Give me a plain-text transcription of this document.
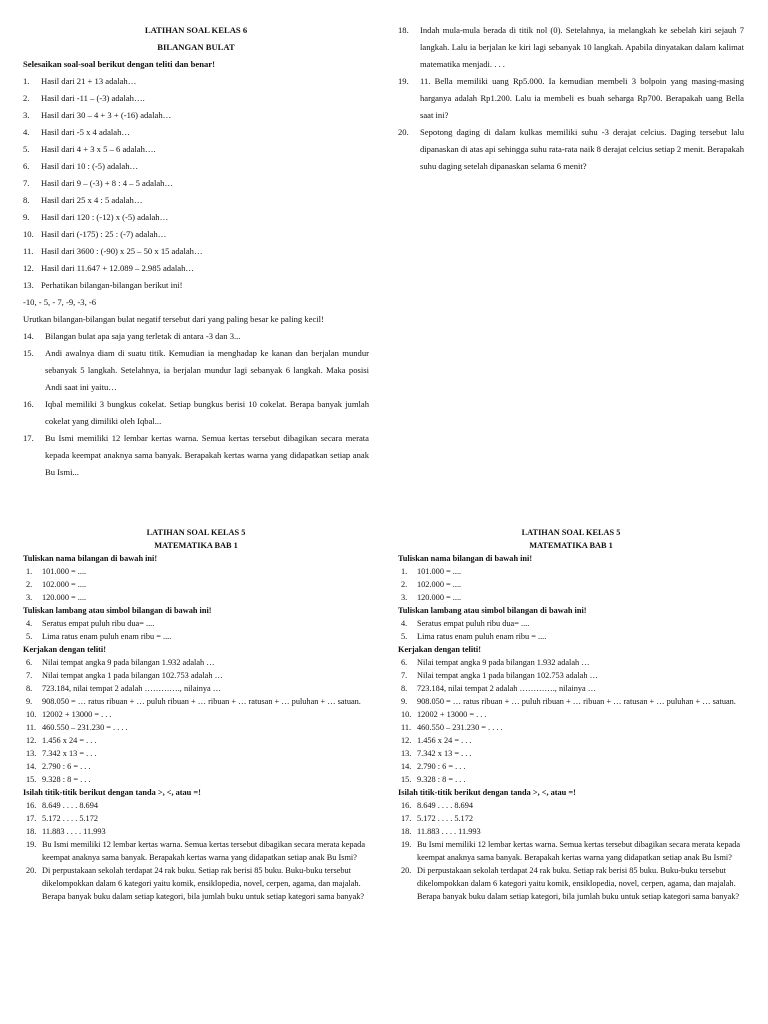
LATIHAN SOAL KELAS 6
BILANGAN BULAT
Selesaikan soal-soal berikut dengan teliti dan benar!
1.	Hasil dari 21 + 13 adalah…
2.	Hasil dari -11 – (-3) adalah….
3.	Hasil dari 30 – 4 + 3 + (-16) adalah…
4.	Hasil dari -5 x 4 adalah…
5.	Hasil dari 4 + 3 x 5 – 6 adalah….
6.	Hasil dari 10 : (-5) adalah…
7.	Hasil dari 9 – (-3) + 8 : 4 – 5 adalah…
8.	Hasil dari 25 x 4 : 5 adalah…
9.	Hasil dari 120 : (-12) x (-5) adalah…
10. Hasil dari (-175) : 25 : (-7) adalah…
11. Hasil dari 3600 : (-90) x 25 – 50 x 15 adalah…
12. Hasil dari 11.647 + 12.089 – 2.985 adalah…
13. Perhatikan bilangan-bilangan berikut ini!
-10, - 5, - 7, -9, -3, -6
Urutkan bilangan-bilangan bulat negatif tersebut dari yang paling besar ke paling kecil!
14.	Bilangan bulat apa saja yang terletak di antara -3 dan 3...
15.	Andi awalnya diam di suatu titik. Kemudian ia menghadap ke kanan dan berjalan mundur sebanyak 5 langkah. Setelahnya, ia berjalan mundur lagi sebanyak 6 langkah. Maka posisi Andi saat ini yaitu…
16.	Iqbal memiliki 3 bungkus cokelat. Setiap bungkus berisi 10 cokelat. Berapa banyak jumlah cokelat yang dimiliki oleh Iqbal...
17.	Bu Ismi memiliki 12 lembar kertas warna. Semua kertas tersebut dibagikan secara merata kepada keempat anaknya sama banyak. Berapakah kertas warna yang didapatkan setiap anak Bu Ismi...
18.	Indah mula-mula berada di titik nol (0). Setelahnya, ia melangkah ke sebelah kiri sejauh 7 langkah. Lalu ia berjalan ke kiri lagi sebanyak 10 langkah. Apabila dinyatakan dalam kalimat matematika menjadi. . . .
19.	11. Bella memiliki uang Rp5.000. Ia kemudian membeli 3 bolpoin yang masing-masing harganya adalah Rp1.200. Lalu ia membeli es buah seharga Rp700. Berapakah uang Bella saat ini?
20.	Sepotong daging di dalam kulkas memiliki suhu -3 derajat celcius. Daging tersebut lalu dipanaskan di atas api sehingga suhu rata-rata naik 8 derajat celcius setiap 2 menit. Berapakah suhu daging setelah dipanaskan selama 6 menit?
LATIHAN SOAL KELAS 5
MATEMATIKA BAB 1
Tuliskan nama bilangan di bawah ini!
1.	101.000 = ....
2.	102.000 = ....
3.	120.000 = ....
Tuliskan lambang atau simbol bilangan di bawah ini!
4.	Seratus empat puluh ribu dua= ....
5.	Lima ratus enam puluh enam ribu = ....
Kerjakan dengan teliti!
6.	Nilai tempat angka 9 pada bilangan 1.932 adalah …
7.	Nilai tempat angka 1 pada bilangan 102.753 adalah …
8.	723.184, nilai tempat 2 adalah …………., nilainya …
9.	908.050 = … ratus ribuan + … puluh ribuan + … ribuan + … ratusan + … puluhan + … satuan.
10. 12002 + 13000 = . . .
11. 460.550 – 231.230 = . . . .
12. 1.456 x 24 = . . .
13. 7.342 x 13 = . . .
14. 2.790 : 6 = . . .
15. 9.328 : 8 = . . .
Isilah titik-titik berikut dengan tanda >, <, atau =!
16. 8.649 . . . . 8.694
17. 5.172 . . . . 5.172
18. 11.883 . . . . 11.993
19. Bu Ismi memiliki 12 lembar kertas warna. Semua kertas tersebut dibagikan secara merata kepada keempat anaknya sama banyak. Berapakah kertas warna yang didapatkan setiap anak Bu Ismi?
20. Di perpustakaan sekolah terdapat 24 rak buku. Setiap rak berisi 85 buku. Buku-buku tersebut dikelompokkan dalam 6 kategori yaitu komik, ensiklopedia, novel, cerpen, agama, dan majalah. Berapa banyak buku dalam setiap kategori, bila jumlah buku untuk setiap kategori sama banyak?
LATIHAN SOAL KELAS 5
MATEMATIKA BAB 1
Tuliskan nama bilangan di bawah ini!
1.	101.000 = ....
2.	102.000 = ....
3.	120.000 = ....
Tuliskan lambang atau simbol bilangan di bawah ini!
4.	Seratus empat puluh ribu dua= ....
5.	Lima ratus enam puluh enam ribu = ....
Kerjakan dengan teliti!
6.	Nilai tempat angka 9 pada bilangan 1.932 adalah …
7.	Nilai tempat angka 1 pada bilangan 102.753 adalah …
8.	723.184, nilai tempat 2 adalah …………., nilainya …
9.	908.050 = … ratus ribuan + … puluh ribuan + … ribuan + … ratusan + … puluhan + … satuan.
10. 12002 + 13000 = . . .
11. 460.550 – 231.230 = . . . .
12. 1.456 x 24 = . . .
13. 7.342 x 13 = . . .
14. 2.790 : 6 = . . .
15. 9.328 : 8 = . . .
Isilah titik-titik berikut dengan tanda >, <, atau =!
16. 8.649 . . . . 8.694
17. 5.172 . . . . 5.172
18. 11.883 . . . . 11.993
19. Bu Ismi memiliki 12 lembar kertas warna. Semua kertas tersebut dibagikan secara merata kepada keempat anaknya sama banyak. Berapakah kertas warna yang didapatkan setiap anak Bu Ismi?
20. Di perpustakaan sekolah terdapat 24 rak buku. Setiap rak berisi 85 buku. Buku-buku tersebut dikelompokkan dalam 6 kategori yaitu komik, ensiklopedia, novel, cerpen, agama, dan majalah. Berapa banyak buku dalam setiap kategori, bila jumlah buku untuk setiap kategori sama banyak?
